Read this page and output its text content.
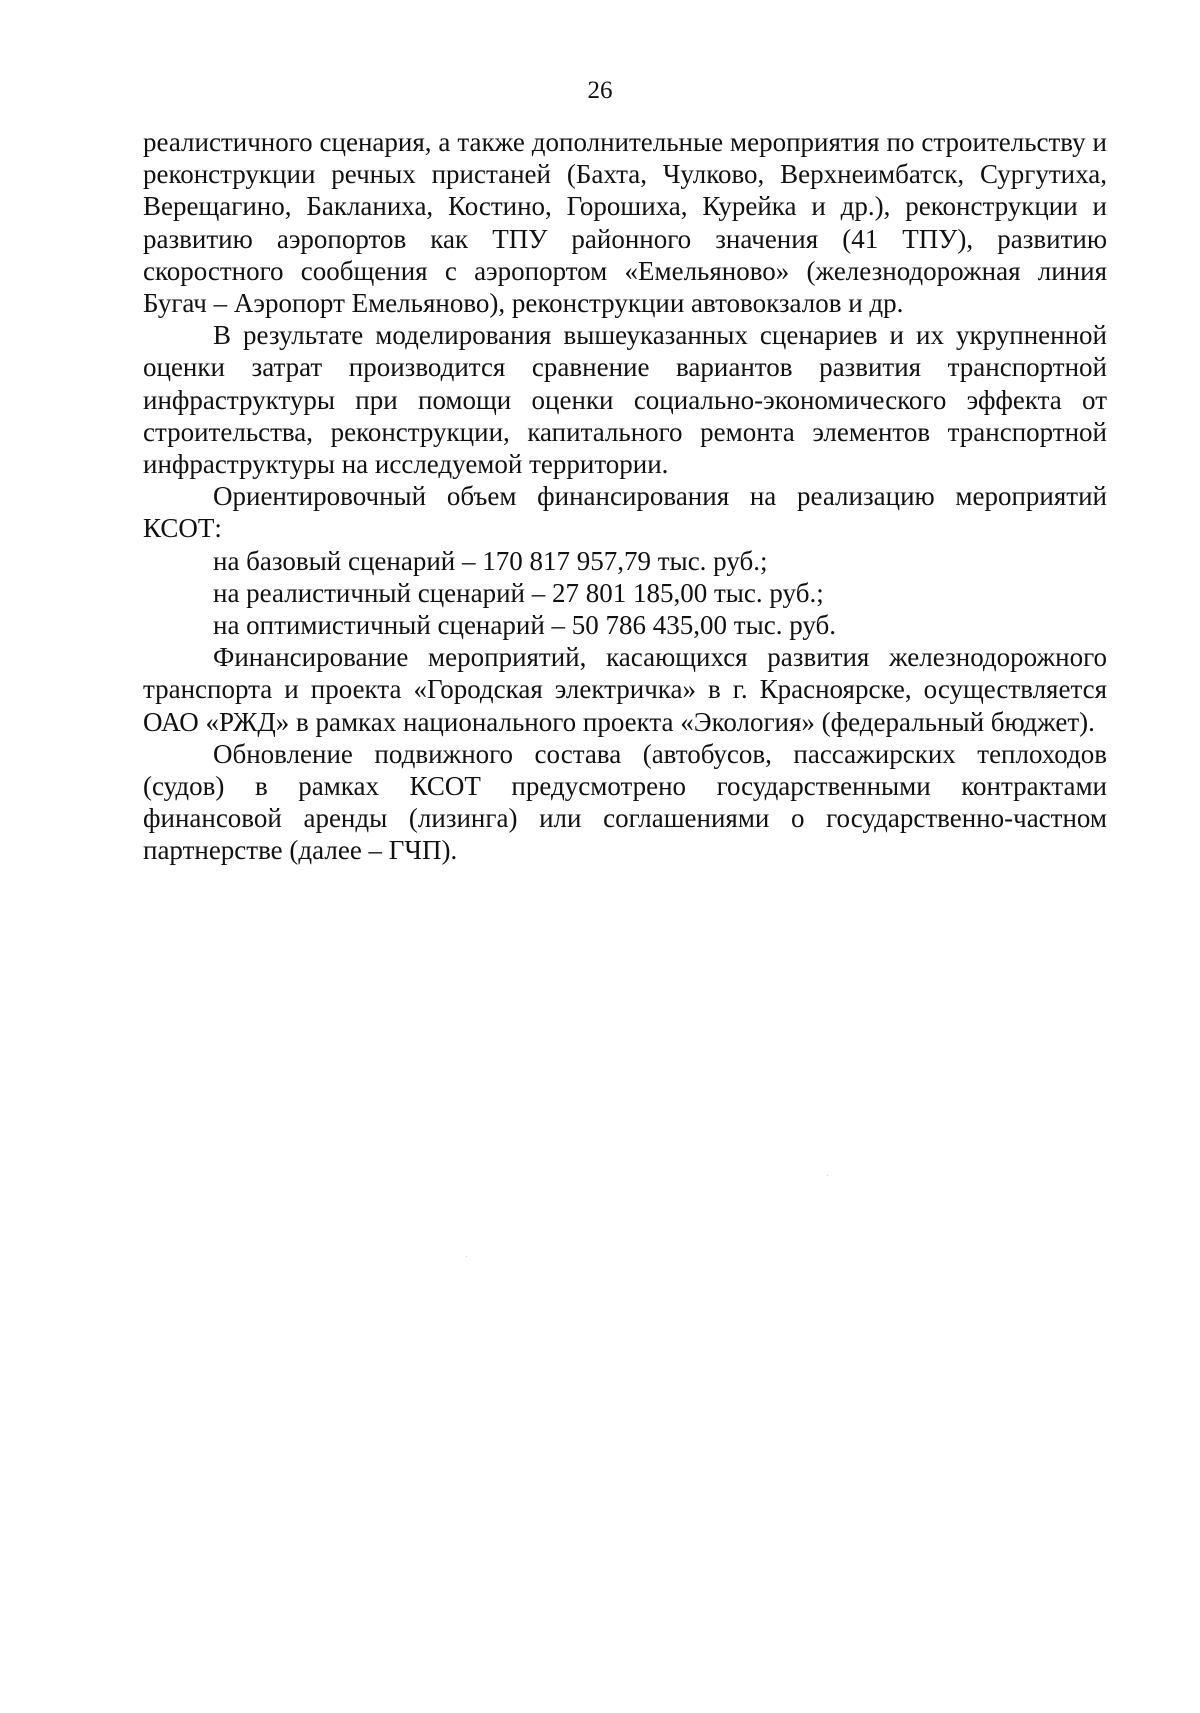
26

реалистичного сценария, а также дополнительные мероприятия по строительству и реконструкции речных пристаней (Бахта, Чулково, Верхнеимбатск, Сургутиха, Верещагино, Бакланиха, Костино, Горошиха, Курейка и др.), реконструкции и развитию аэропортов как ТПУ районного значения (41 ТПУ), развитию скоростного сообщения с аэропортом «Емельяново» (железнодорожная линия Бугач – Аэропорт Емельяново), реконструкции автовокзалов и др.

В результате моделирования вышеуказанных сценариев и их укрупненной оценки затрат производится сравнение вариантов развития транспортной инфраструктуры при помощи оценки социально-экономического эффекта от строительства, реконструкции, капитального ремонта элементов транспортной инфраструктуры на исследуемой территории.

Ориентировочный объем финансирования на реализацию мероприятий КСОТ:

на базовый сценарий – 170 817 957,79 тыс. руб.;

на реалистичный сценарий – 27 801 185,00 тыс. руб.;

на оптимистичный сценарий – 50 786 435,00 тыс. руб.

Финансирование мероприятий, касающихся развития железнодорожного транспорта и проекта «Городская электричка» в г. Красноярске, осуществляется ОАО «РЖД» в рамках национального проекта «Экология» (федеральный бюджет).

Обновление подвижного состава (автобусов, пассажирских теплоходов (судов) в рамках КСОТ предусмотрено государственными контрактами финансовой аренды (лизинга) или соглашениями о государственно-частном партнерстве (далее – ГЧП).
